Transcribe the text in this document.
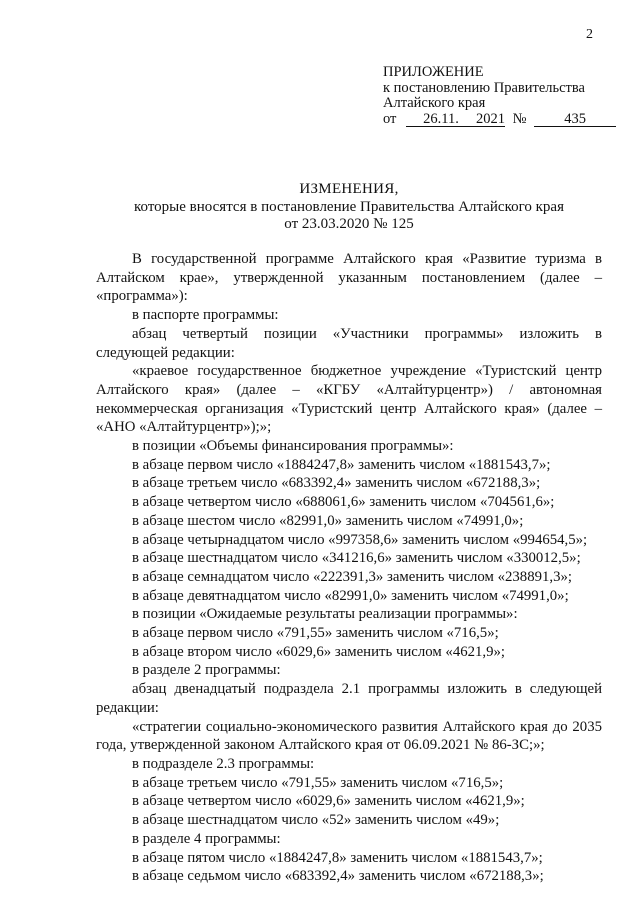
2
ПРИЛОЖЕНИЕ
к постановлению Правительства
Алтайского края
от 26.11. 2021 №	435
ИЗМЕНЕНИЯ,
которые вносятся в постановление Правительства Алтайского края
от 23.03.2020 № 125

В государственной программе Алтайского края «Развитие туризма в Алтайском крае», утвержденной указанным постановлением (далее – «программа»):

в паспорте программы:

абзац четвертый позиции «Участники программы» изложить в следующей редакции:

«краевое государственное бюджетное учреждение «Туристский центр Алтайского края» (далее – «КГБУ «Алтайтурцентр») / автономная некоммерческая организация «Туристский центр Алтайского края» (далее – «АНО «Алтайтурцентр»);»;

в позиции «Объемы финансирования программы»:

в абзаце первом число «1884247,8» заменить числом «1881543,7»;

в абзаце третьем число «683392,4» заменить числом «672188,3»;

в абзаце четвертом число «688061,6» заменить числом «704561,6»;

в абзаце шестом число «82991,0» заменить числом «74991,0»;

в абзаце четырнадцатом число «997358,6» заменить числом «994654,5»;

в абзаце шестнадцатом число «341216,6» заменить числом «330012,5»;

в абзаце семнадцатом число «222391,3» заменить числом «238891,3»;

в абзаце девятнадцатом число «82991,0» заменить числом «74991,0»;

в позиции «Ожидаемые результаты реализации программы»:

в абзаце первом число «791,55» заменить числом «716,5»;

в абзаце втором число «6029,6» заменить числом «4621,9»;

в разделе 2 программы:

абзац двенадцатый подраздела 2.1 программы изложить в следующей редакции:

«стратегии социально-экономического развития Алтайского края до 2035 года, утвержденной законом Алтайского края от 06.09.2021 № 86-ЗС;»;

в подразделе 2.3 программы:

в абзаце третьем число «791,55» заменить числом «716,5»;

в абзаце четвертом число «6029,6» заменить числом «4621,9»;

в абзаце шестнадцатом число «52» заменить числом «49»;

в разделе 4 программы:

в абзаце пятом число «1884247,8» заменить числом «1881543,7»;

в абзаце седьмом число «683392,4» заменить числом «672188,3»;
